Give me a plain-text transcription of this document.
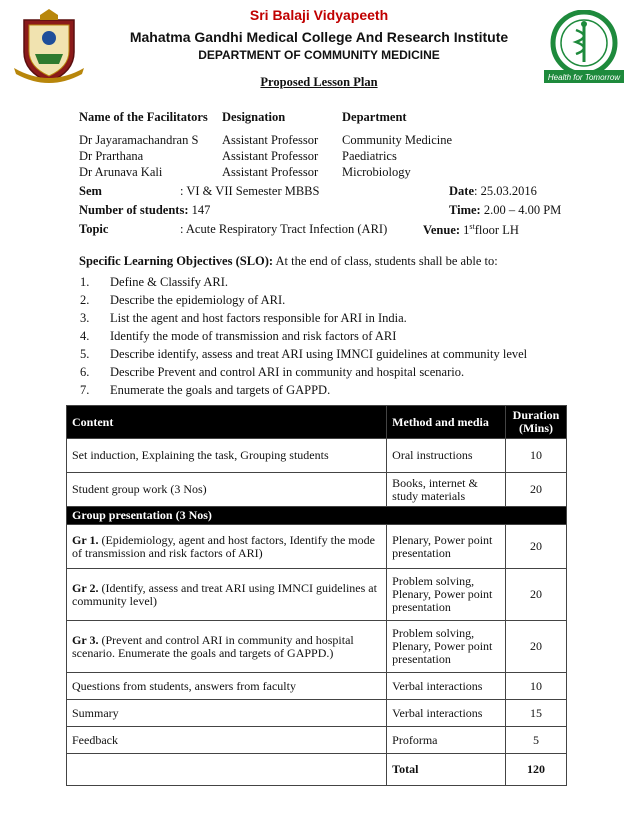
Health for Tomorrow
Sri Balaji Vidyapeeth
Mahatma Gandhi Medical College And Research Institute
DEPARTMENT OF COMMUNITY MEDICINE
Proposed Lesson Plan
Name of the Facilitators Designation	Department
Dr Jayaramachandran S Assistant Professor Community Medicine
Dr Prarthana	Assistant Professor Paediatrics
Dr Arunava Kali	Assistant Professor Microbiology
Sem	: VI & VII Semester MBBS	Date: 25.03.2016
Number of students: 147	Time: 2.00 – 4.00 PM
Topic	: Acute Respiratory Tract Infection (ARI)	Venue: 1stfloor LH
Specific Learning Objectives (SLO): At the end of class, students shall be able to:
1. Define & Classify ARI.
2. Describe the epidemiology of ARI.
3. List the agent and host factors responsible for ARI in India.
4. Identify the mode of transmission and risk factors of ARI
5. Describe identify, assess and treat ARI using IMNCI guidelines at community level
6. Describe Prevent and control ARI in community and hospital scenario.
7. Enumerate the goals and targets of GAPPD.
Content	Method and media	Duration
(Mins)

Set induction, Explaining the task, Grouping students	Oral instructions	10
Student group work (3 Nos)	Books, internet & study materials	20
Group presentation (3 Nos)		
Gr 1. (Epidemiology, agent and host factors, Identify the mode of transmission and risk factors of ARI)	Plenary, Power point presentation	20
Gr 2. (Identify, assess and treat ARI using IMNCI guidelines at community level)	Problem solving, Plenary, Power point presentation	20
Gr 3. (Prevent and control ARI in community and hospital scenario. Enumerate the goals and targets of GAPPD.)	Problem solving, Plenary, Power point presentation	20
Questions from students, answers from faculty	Verbal interactions	10
Summary	Verbal interactions	15
Feedback	Proforma	5
	Total	120
